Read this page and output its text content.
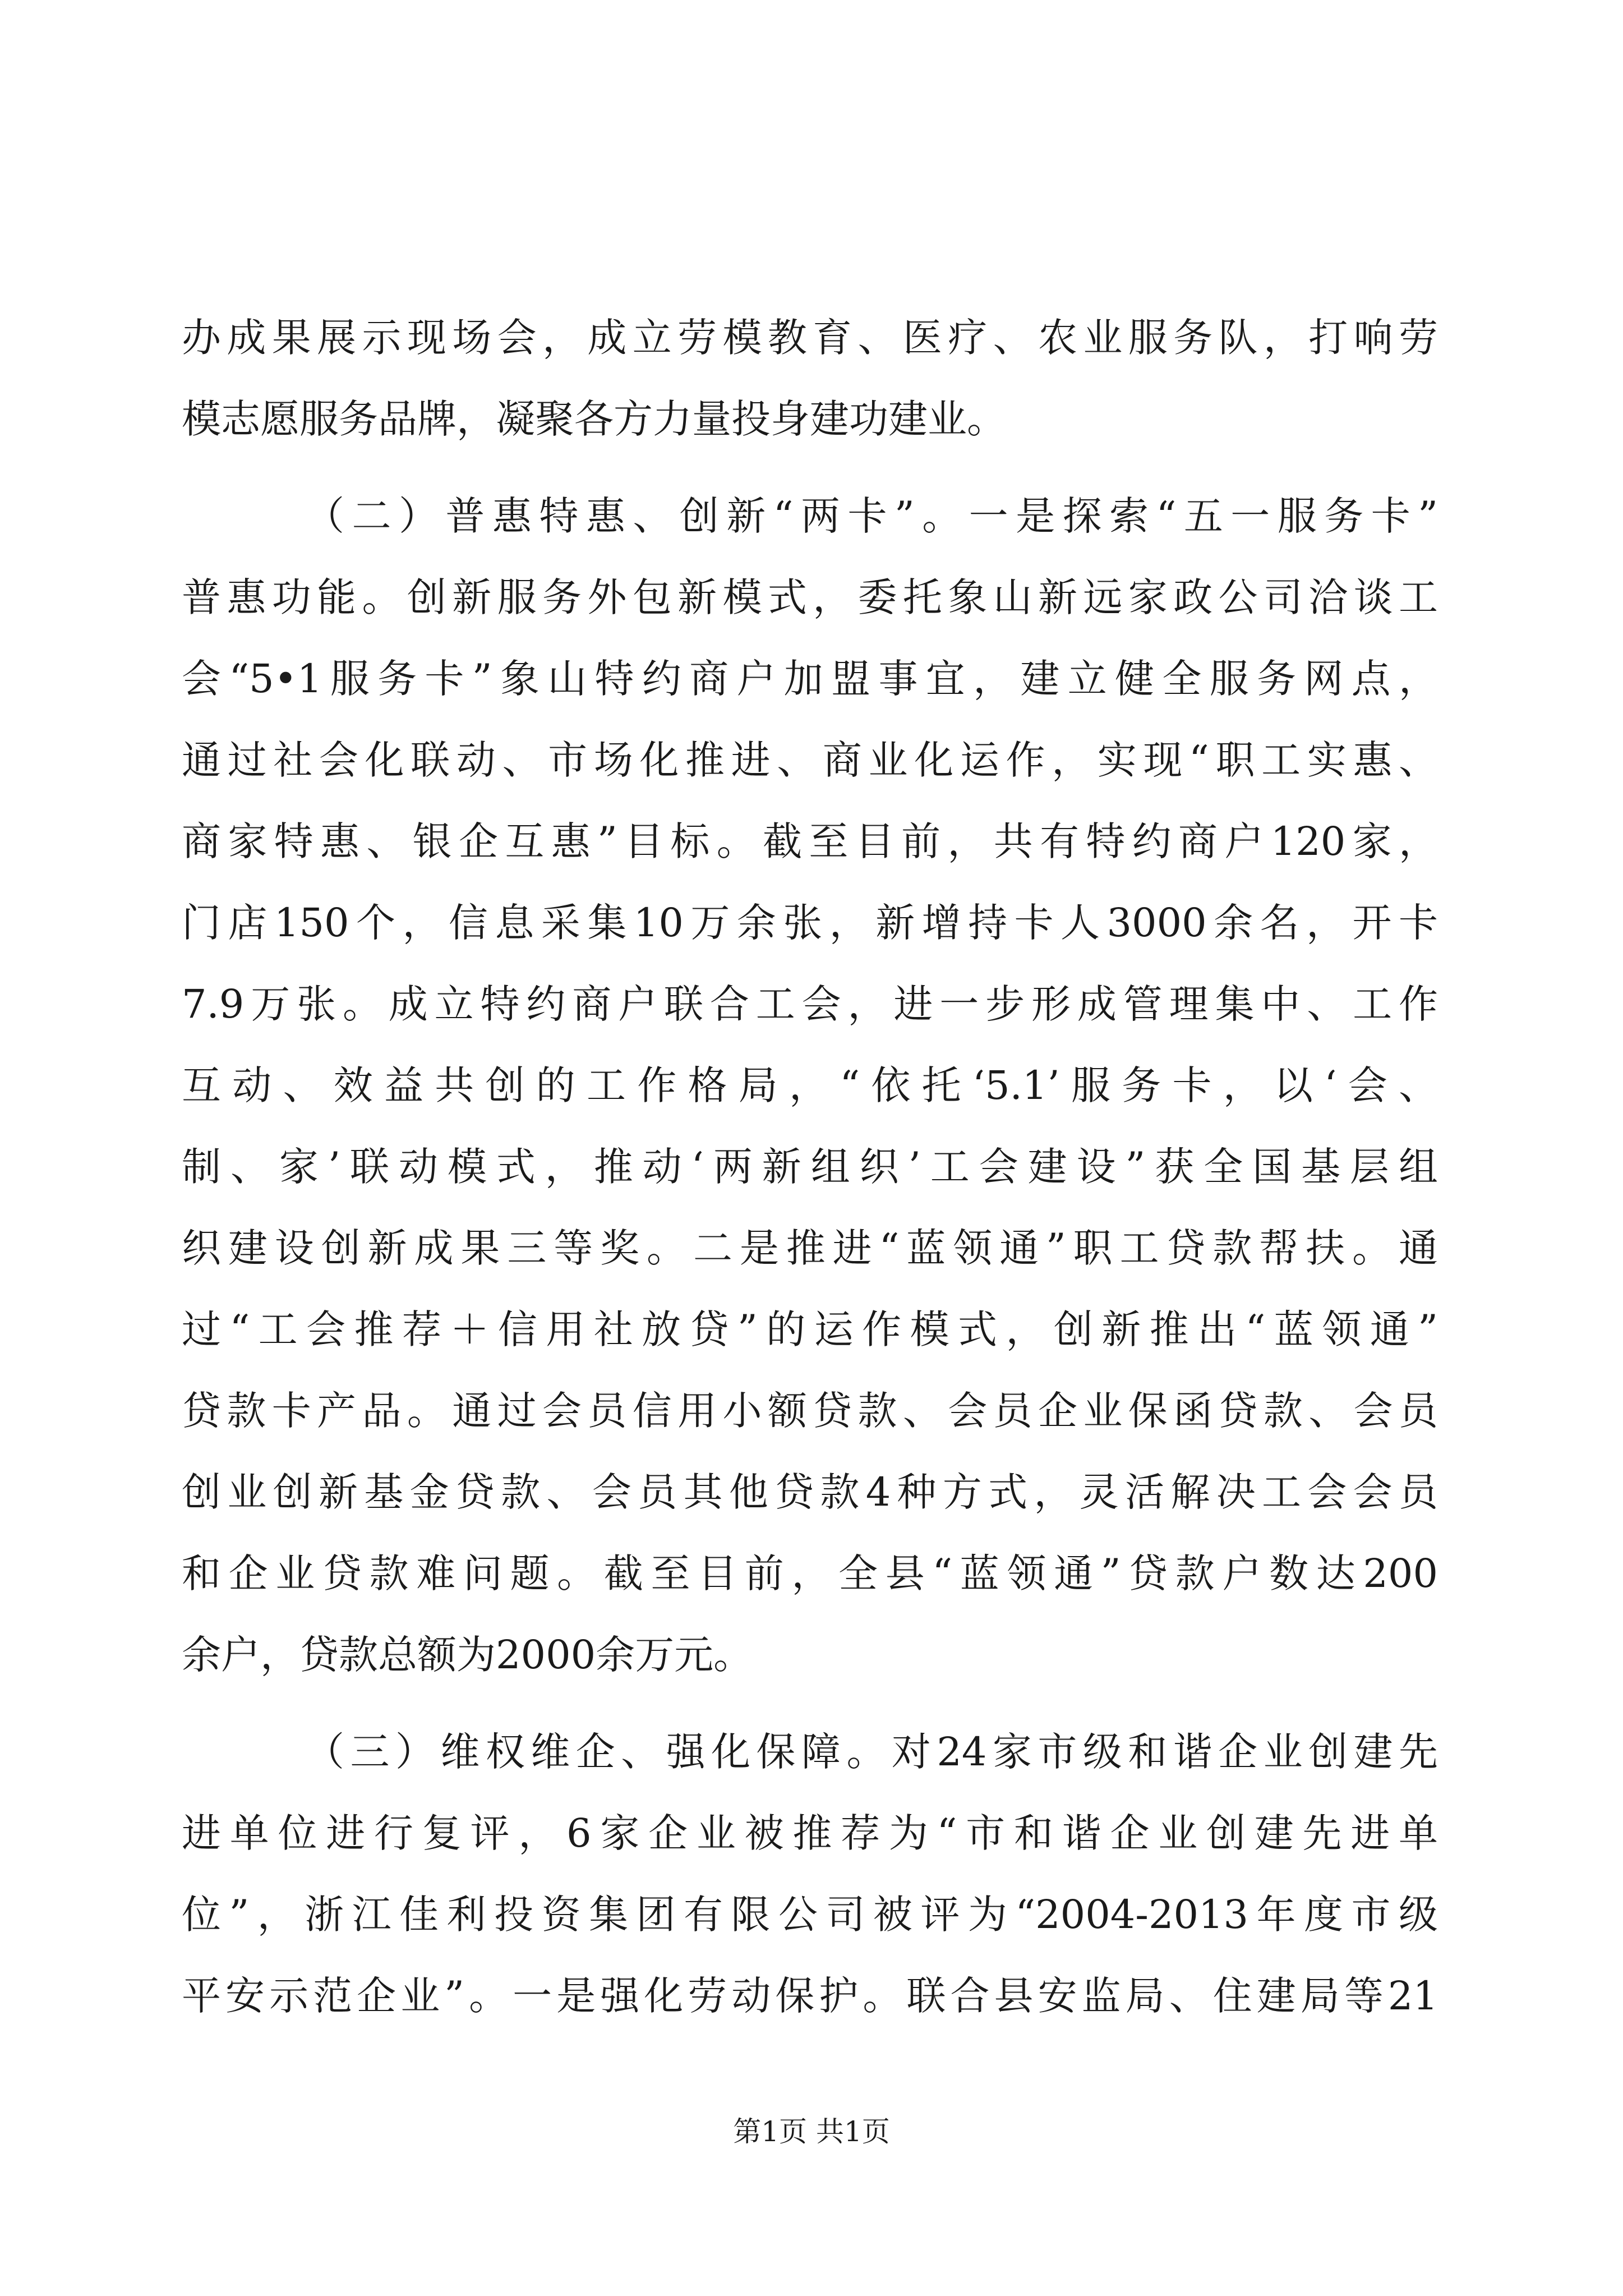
办成果展示现场会，成立劳模教育、医疗、农业服务队，打响劳
模志愿服务品牌，凝聚各方力量投身建功建业。
（二）普惠特惠、创新“两卡”。一是探索“五一服务卡”
普惠功能。创新服务外包新模式，委托象山新远家政公司洽谈工
会“5•1服务卡”象山特约商户加盟事宜，建立健全服务网点，
通过社会化联动、市场化推进、商业化运作，实现“职工实惠、
商家特惠、银企互惠”目标。截至目前，共有特约商户120家，
门店150个，信息采集10万余张，新增持卡人3000余名，开卡
7.9万张。成立特约商户联合工会，进一步形成管理集中、工作
互动、效益共创的工作格局，“依托‘5.1’服务卡，以‘会、
制、家’联动模式，推动‘两新组织’工会建设”获全国基层组
织建设创新成果三等奖。二是推进“蓝领通”职工贷款帮扶。通
过“工会推荐＋信用社放贷”的运作模式，创新推出“蓝领通”
贷款卡产品。通过会员信用小额贷款、会员企业保函贷款、会员
创业创新基金贷款、会员其他贷款4种方式，灵活解决工会会员
和企业贷款难问题。截至目前，全县“蓝领通”贷款户数达200
余户，贷款总额为2000余万元。
（三）维权维企、强化保障。对24家市级和谐企业创建先
进单位进行复评，6家企业被推荐为“市和谐企业创建先进单
位”，浙江佳利投资集团有限公司被评为“2004-2013年度市级
平安示范企业”。一是强化劳动保护。联合县安监局、住建局等21
第1页 共1页
